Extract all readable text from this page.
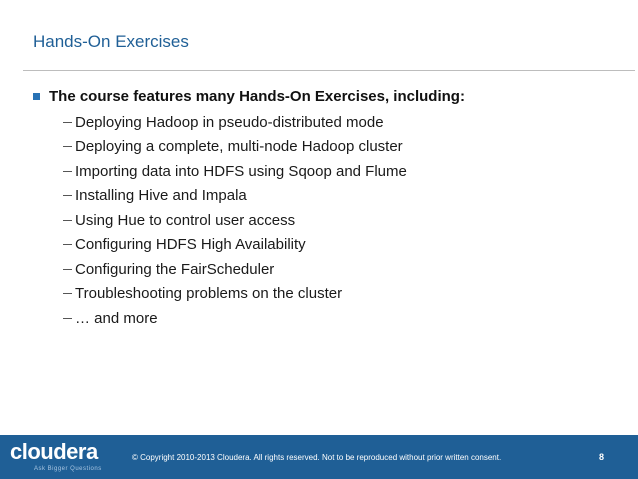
Hands-On Exercises
The course features many Hands-On Exercises, including:
Deploying Hadoop in pseudo-distributed mode
Deploying a complete, multi-node Hadoop cluster
Importing data into HDFS using Sqoop and Flume
Installing Hive and Impala
Using Hue to control user access
Configuring HDFS High Availability
Configuring the FairScheduler
Troubleshooting problems on the cluster
… and more
cloudera
Ask Bigger Questions
© Copyright 2010-2013 Cloudera. All rights reserved. Not to be reproduced without prior written consent.	8
